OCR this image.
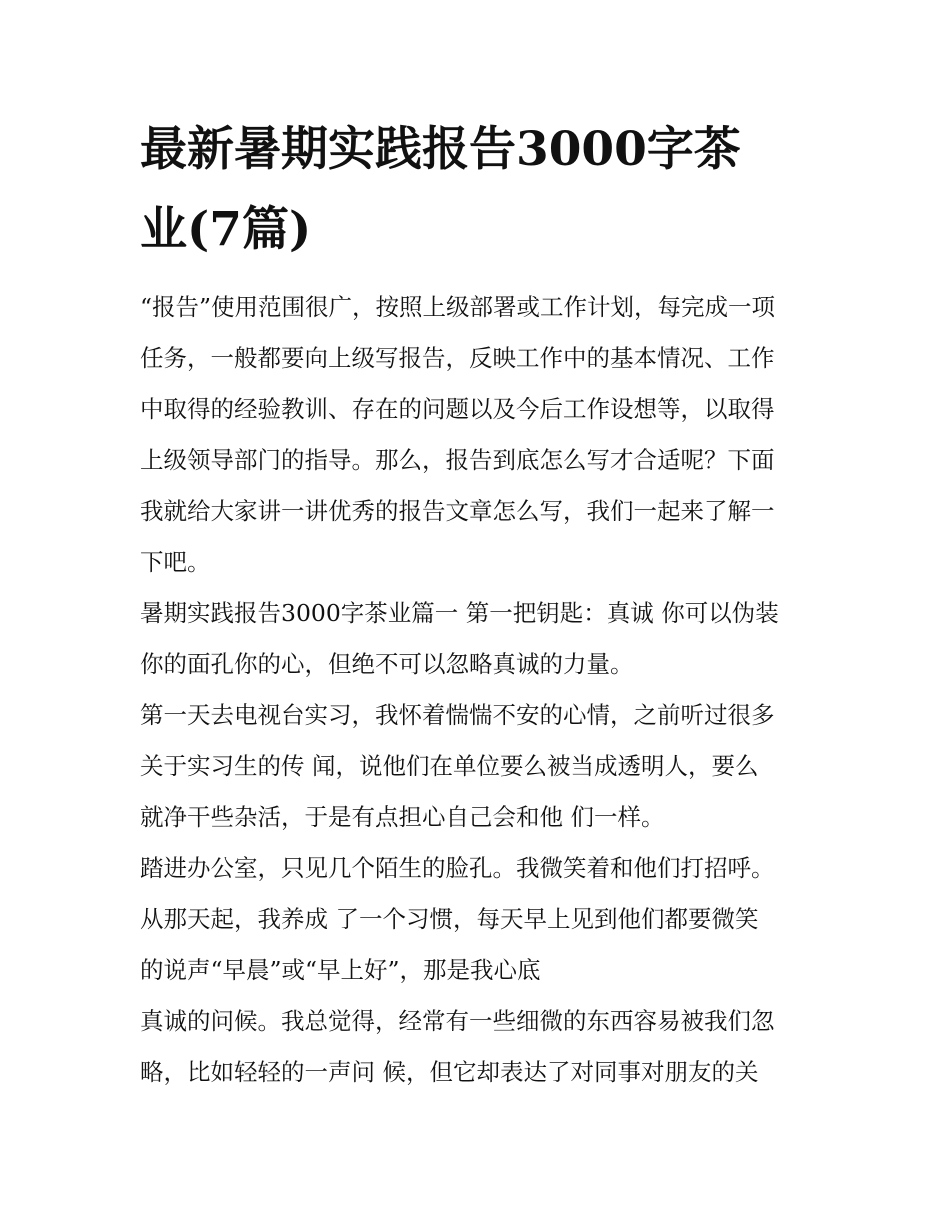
最新暑期实践报告3000字茶
业(7篇)
“报告”使用范围很广，按照上级部署或工作计划，每完成一项
任务，一般都要向上级写报告，反映工作中的基本情况、工作
中取得的经验教训、存在的问题以及今后工作设想等，以取得
上级领导部门的指导。那么，报告到底怎么写才合适呢？下面
我就给大家讲一讲优秀的报告文章怎么写，我们一起来了解一
下吧。
暑期实践报告3000字茶业篇一 第一把钥匙：真诚 你可以伪装
你的面孔你的心，但绝不可以忽略真诚的力量。
第一天去电视台实习，我怀着惴惴不安的心情，之前听过很多
关于实习生的传 闻，说他们在单位要么被当成透明人，要么
就净干些杂活，于是有点担心自己会和他 们一样。
踏进办公室，只见几个陌生的脸孔。我微笑着和他们打招呼。
从那天起，我养成 了一个习惯，每天早上见到他们都要微笑
的说声“早晨”或“早上好”，那是我心底
真诚的问候。我总觉得，经常有一些细微的东西容易被我们忽
略，比如轻轻的一声问 候，但它却表达了对同事对朋友的关
